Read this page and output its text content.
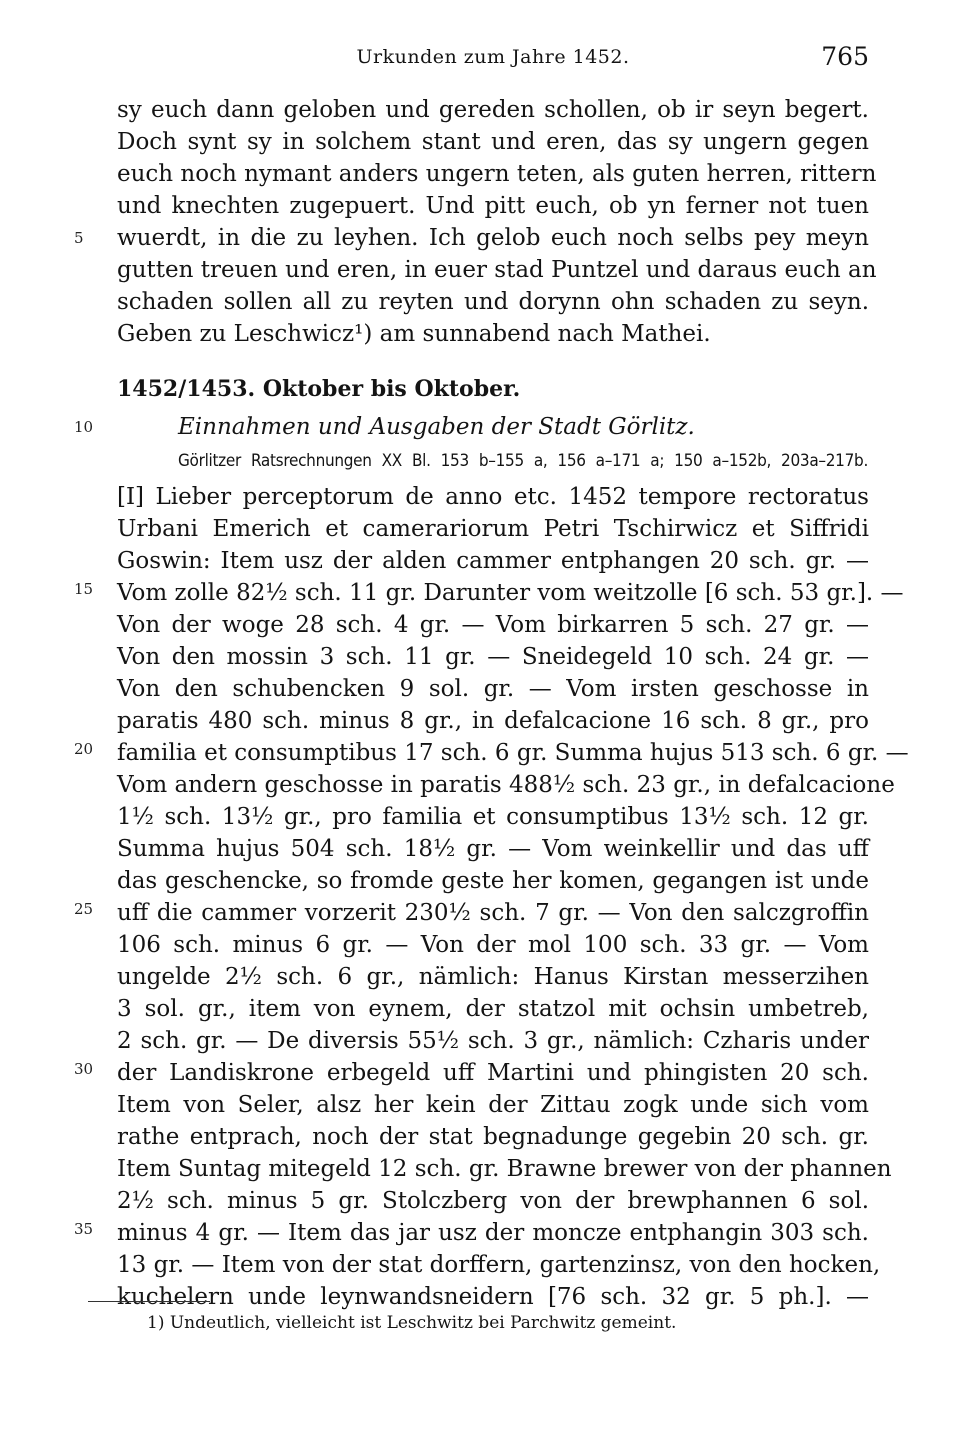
Urkunden zum Jahre 1452.	765
sy euch dann geloben und gereden schollen, ob ir seyn begert.
Doch synt sy in solchem stant und eren, das sy ungern gegen
euch noch nymant anders ungern teten, als guten herren, rittern
und knechten zugepuert. Und pitt euch, ob yn ferner not tuen
wuerdt, in die zu leyhen. Ich gelob euch noch selbs pey meyn
gutten treuen und eren, in euer stad Puntzel und daraus euch an
schaden sollen all zu reyten und dorynn ohn schaden zu seyn.
Geben zu Leschwicz¹) am sunnabend nach Mathei.
5
10
15
20
25
30
35
1452/1453. Oktober bis Oktober.
Einnahmen und Ausgaben der Stadt Görlitz.
Görlitzer Ratsrechnungen XX Bl. 153 b–155 a, 156 a–171 a; 150 a–152b, 203a–217b.
[I] Lieber perceptorum de anno etc. 1452 tempore rectoratus
Urbani Emerich et camerariorum Petri Tschirwicz et Siffridi
Goswin: Item usz der alden cammer entphangen 20 sch. gr. —
Vom zolle 82½ sch. 11 gr. Darunter vom weitzolle [6 sch. 53 gr.]. —
Von der woge 28 sch. 4 gr. — Vom birkarren 5 sch. 27 gr. —
Von den mossin 3 sch. 11 gr. — Sneidegeld 10 sch. 24 gr. —
Von den schubencken 9 sol. gr. — Vom irsten geschosse in
paratis 480 sch. minus 8 gr., in defalcacione 16 sch. 8 gr., pro
familia et consumptibus 17 sch. 6 gr. Summa hujus 513 sch. 6 gr. —
Vom andern geschosse in paratis 488½ sch. 23 gr., in defalcacione
1½ sch. 13½ gr., pro familia et consumptibus 13½ sch. 12 gr.
Summa hujus 504 sch. 18½ gr. — Vom weinkellir und das uff
das geschencke, so fromde geste her komen, gegangen ist unde
uff die cammer vorzerit 230½ sch. 7 gr. — Von den salczgroffin
106 sch. minus 6 gr. — Von der mol 100 sch. 33 gr. — Vom
ungelde 2½ sch. 6 gr., nämlich: Hanus Kirstan messerzihen
3 sol. gr., item von eynem, der statzol mit ochsin umbetreb,
2 sch. gr. — De diversis 55½ sch. 3 gr., nämlich: Czharis under
der Landiskrone erbegeld uff Martini und phingisten 20 sch.
Item von Seler, alsz her kein der Zittau zogk unde sich vom
rathe entprach, noch der stat begnadunge gegebin 20 sch. gr.
Item Suntag mitegeld 12 sch. gr. Brawne brewer von der phannen
2½ sch. minus 5 gr. Stolczberg von der brewphannen 6 sol.
minus 4 gr. — Item das jar usz der moncze entphangin 303 sch.
13 gr. — Item von der stat dorffern, gartenzinsz, von den hocken,
kuchelern unde leynwandsneidern [76 sch. 32 gr. 5 ph.]. —
1) Undeutlich, vielleicht ist Leschwitz bei Parchwitz gemeint.
